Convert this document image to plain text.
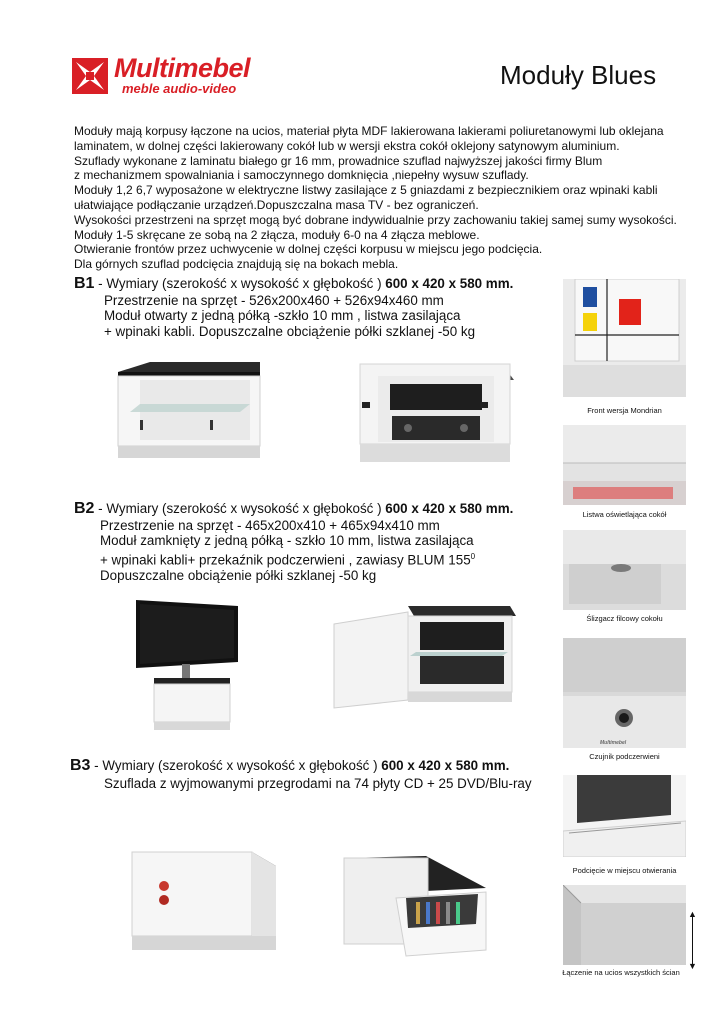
Multimebel
meble audio-video	Moduły Blues

Moduły mają korpusy łączone na ucios, materiał płyta MDF lakierowana lakierami poliuretanowymi lub oklejana

laminatem, w dolnej części lakierowany cokół lub w wersji ekstra cokół oklejony satynowym aluminium.

Szuflady wykonane z laminatu białego gr 16 mm, prowadnice szuflad najwyższej jakości firmy Blum

z mechanizmem spowalniania i samoczynnego domknięcia ,niepełny wysuw szuflady.

Moduły 1,2 6,7 wyposażone w elektryczne listwy zasilające z 5 gniazdami z bezpiecznikiem oraz wpinaki kabli

ułatwiające podłączanie urządzeń.Dopuszczalna masa TV - bez ograniczeń.

Wysokości przestrzeni na sprzęt mogą być dobrane indywidualnie przy zachowaniu takiej samej sumy wysokości.

Moduły 1-5 skręcane ze sobą na 2 złącza, moduły 6-0 na 4 złącza meblowe.

Otwieranie frontów przez uchwycenie w dolnej części korpusu w miejscu jego podcięcia.

Dla górnych szuflad podcięcia znajdują się na bokach mebla.

B1 - Wymiary (szerokość x wysokość x głębokość ) 600 x 420 x 580 mm.

Przestrzenie na sprzęt - 526x200x460 + 526x94x460 mm

Moduł otwarty z jedną półką -szkło 10 mm , listwa zasilająca

+ wpinaki kabli. Dopuszczalne obciążenie półki szklanej -50 kg

B2 - Wymiary (szerokość x wysokość x głębokość ) 600 x 420 x 580 mm.

Przestrzenie na sprzęt - 465x200x410 + 465x94x410 mm

Moduł zamknięty z jedną półką - szkło 10 mm, listwa zasilająca

+ wpinaki kabli+ przekaźnik podczerwieni , zawiasy BLUM $155^0$

Dopuszczalne obciążenie półki szklanej -50 kg

B3 - Wymiary (szerokość x wysokość x głębokość ) 600 x 420 x 580 mm.

Szuflada z wyjmowanymi przegrodami na 74 płyty CD + 25 DVD/Blu-ray

Front wersja Mondrian
Listwa oświetlająca cokół
Ślizgacz filcowy cokołu
Multimebel
Czujnik podczerwieni
Podcięcie w miejscu otwierania
Łączenie na ucios wszystkich ścian
▲
▼
